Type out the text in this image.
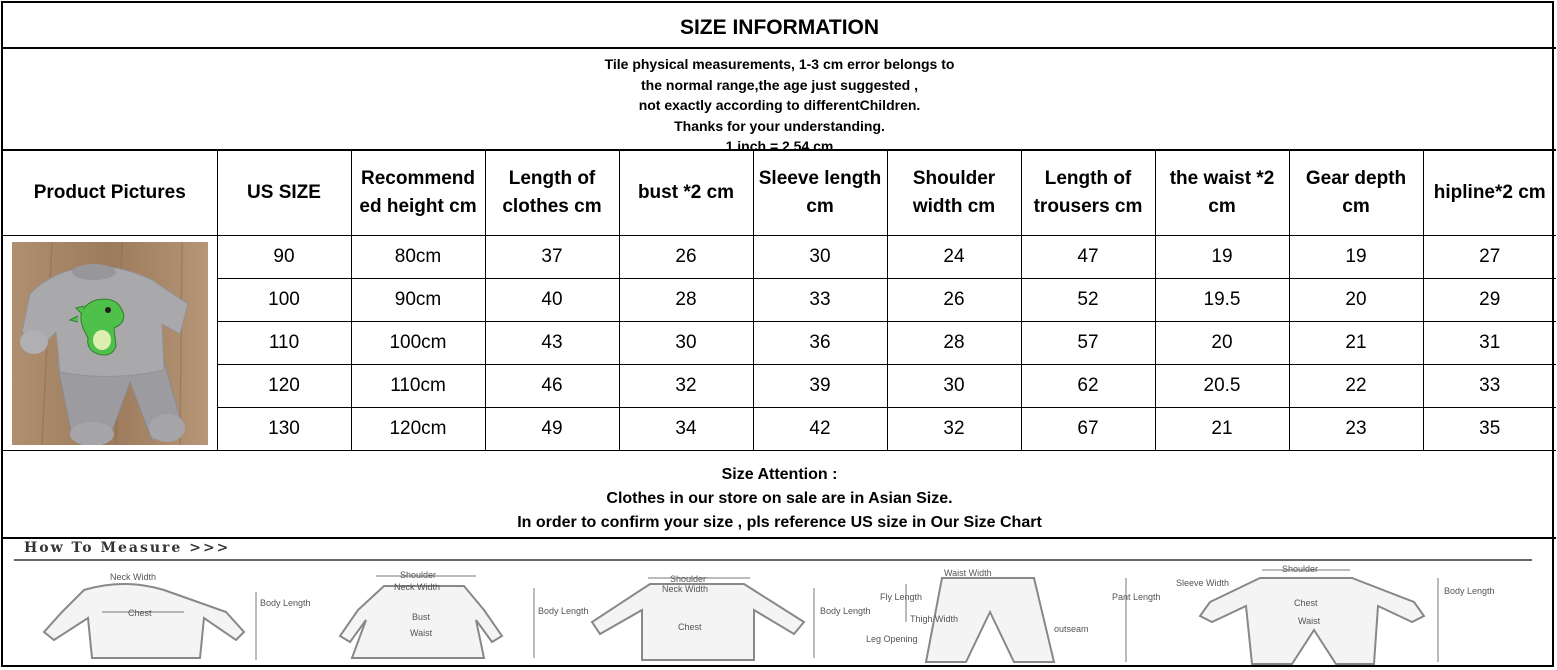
SIZE INFORMATION
Tile physical measurements, 1-3 cm error belongs to
the normal range,the age just suggested ,
not exactly according to differentChildren.
Thanks for your understanding.
1 inch = 2.54 cm
Product Pictures	US SIZE	Recommend ed height cm	Length of clothes cm	bust *2 cm	Sleeve length cm	Shoulder width cm	Length of trousers cm	the waist *2 cm	Gear depth cm	hipline*2 cm

	90	80cm	37	26	30	24	47	19	19	27
	100	90cm	40	28	33	26	52	19.5	20	29
	110	100cm	43	30	36	28	57	20	21	31
	120	110cm	46	32	39	30	62	20.5	22	33
	130	120cm	49	34	42	32	67	21	23	35
Size Attention :
Clothes in our store on sale are in Asian Size.
In order to confirm your size , pls reference US size in Our Size Chart
How To Measure >>>
Neck Width
Chest
Body Length
Shoulder
Neck Width
Bust
Waist
Body Length
Shoulder
Neck Width
Chest
Body Length
Waist Width
Fly Length	Pant Length
Thigh Width
outseam
Leg Opening
Shoulder
Sleeve Width
Chest
Waist
Body Length
